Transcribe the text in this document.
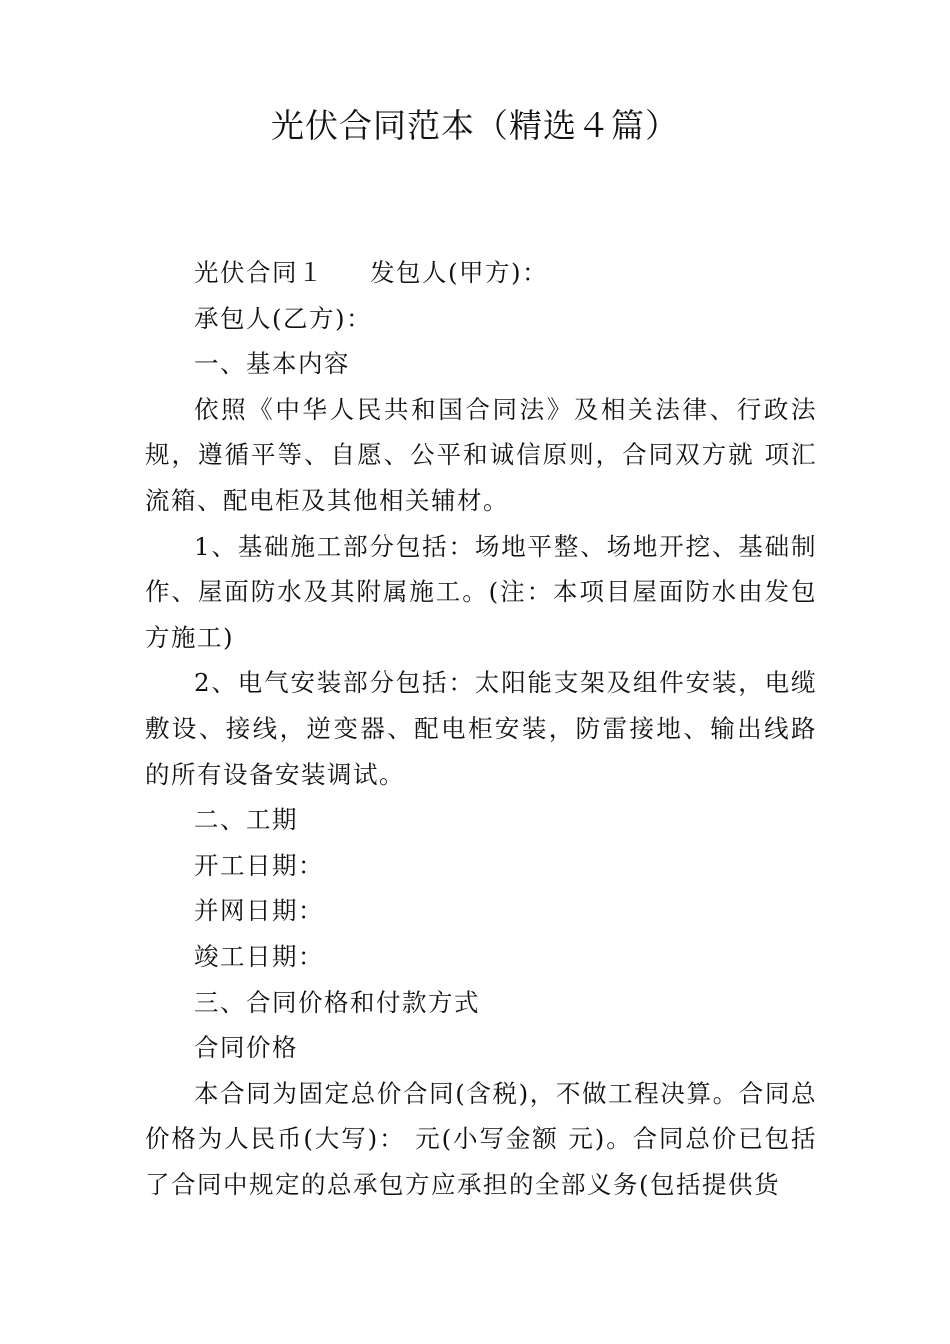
光伏合同范本（精选４篇）

光伏合同１ 发包人(甲方)：

承包人(乙方)：

一、基本内容

依照《中华人民共和国合同法》及相关法律、行政法规，遵循平等、自愿、公平和诚信原则，合同双方就 项汇流箱、配电柜及其他相关辅材。

1、基础施工部分包括：场地平整、场地开挖、基础制作、屋面防水及其附属施工。(注：本项目屋面防水由发包方施工)

2、电气安装部分包括：太阳能支架及组件安装，电缆敷设、接线，逆变器、配电柜安装，防雷接地、输出线路的所有设备安装调试。

二、工期

开工日期：

并网日期：

竣工日期：

三、合同价格和付款方式

合同价格

本合同为固定总价合同(含税)，不做工程决算。合同总价格为人民币(大写)： 元(小写金额 元)。合同总价已包括了合同中规定的总承包方应承担的全部义务(包括提供货
